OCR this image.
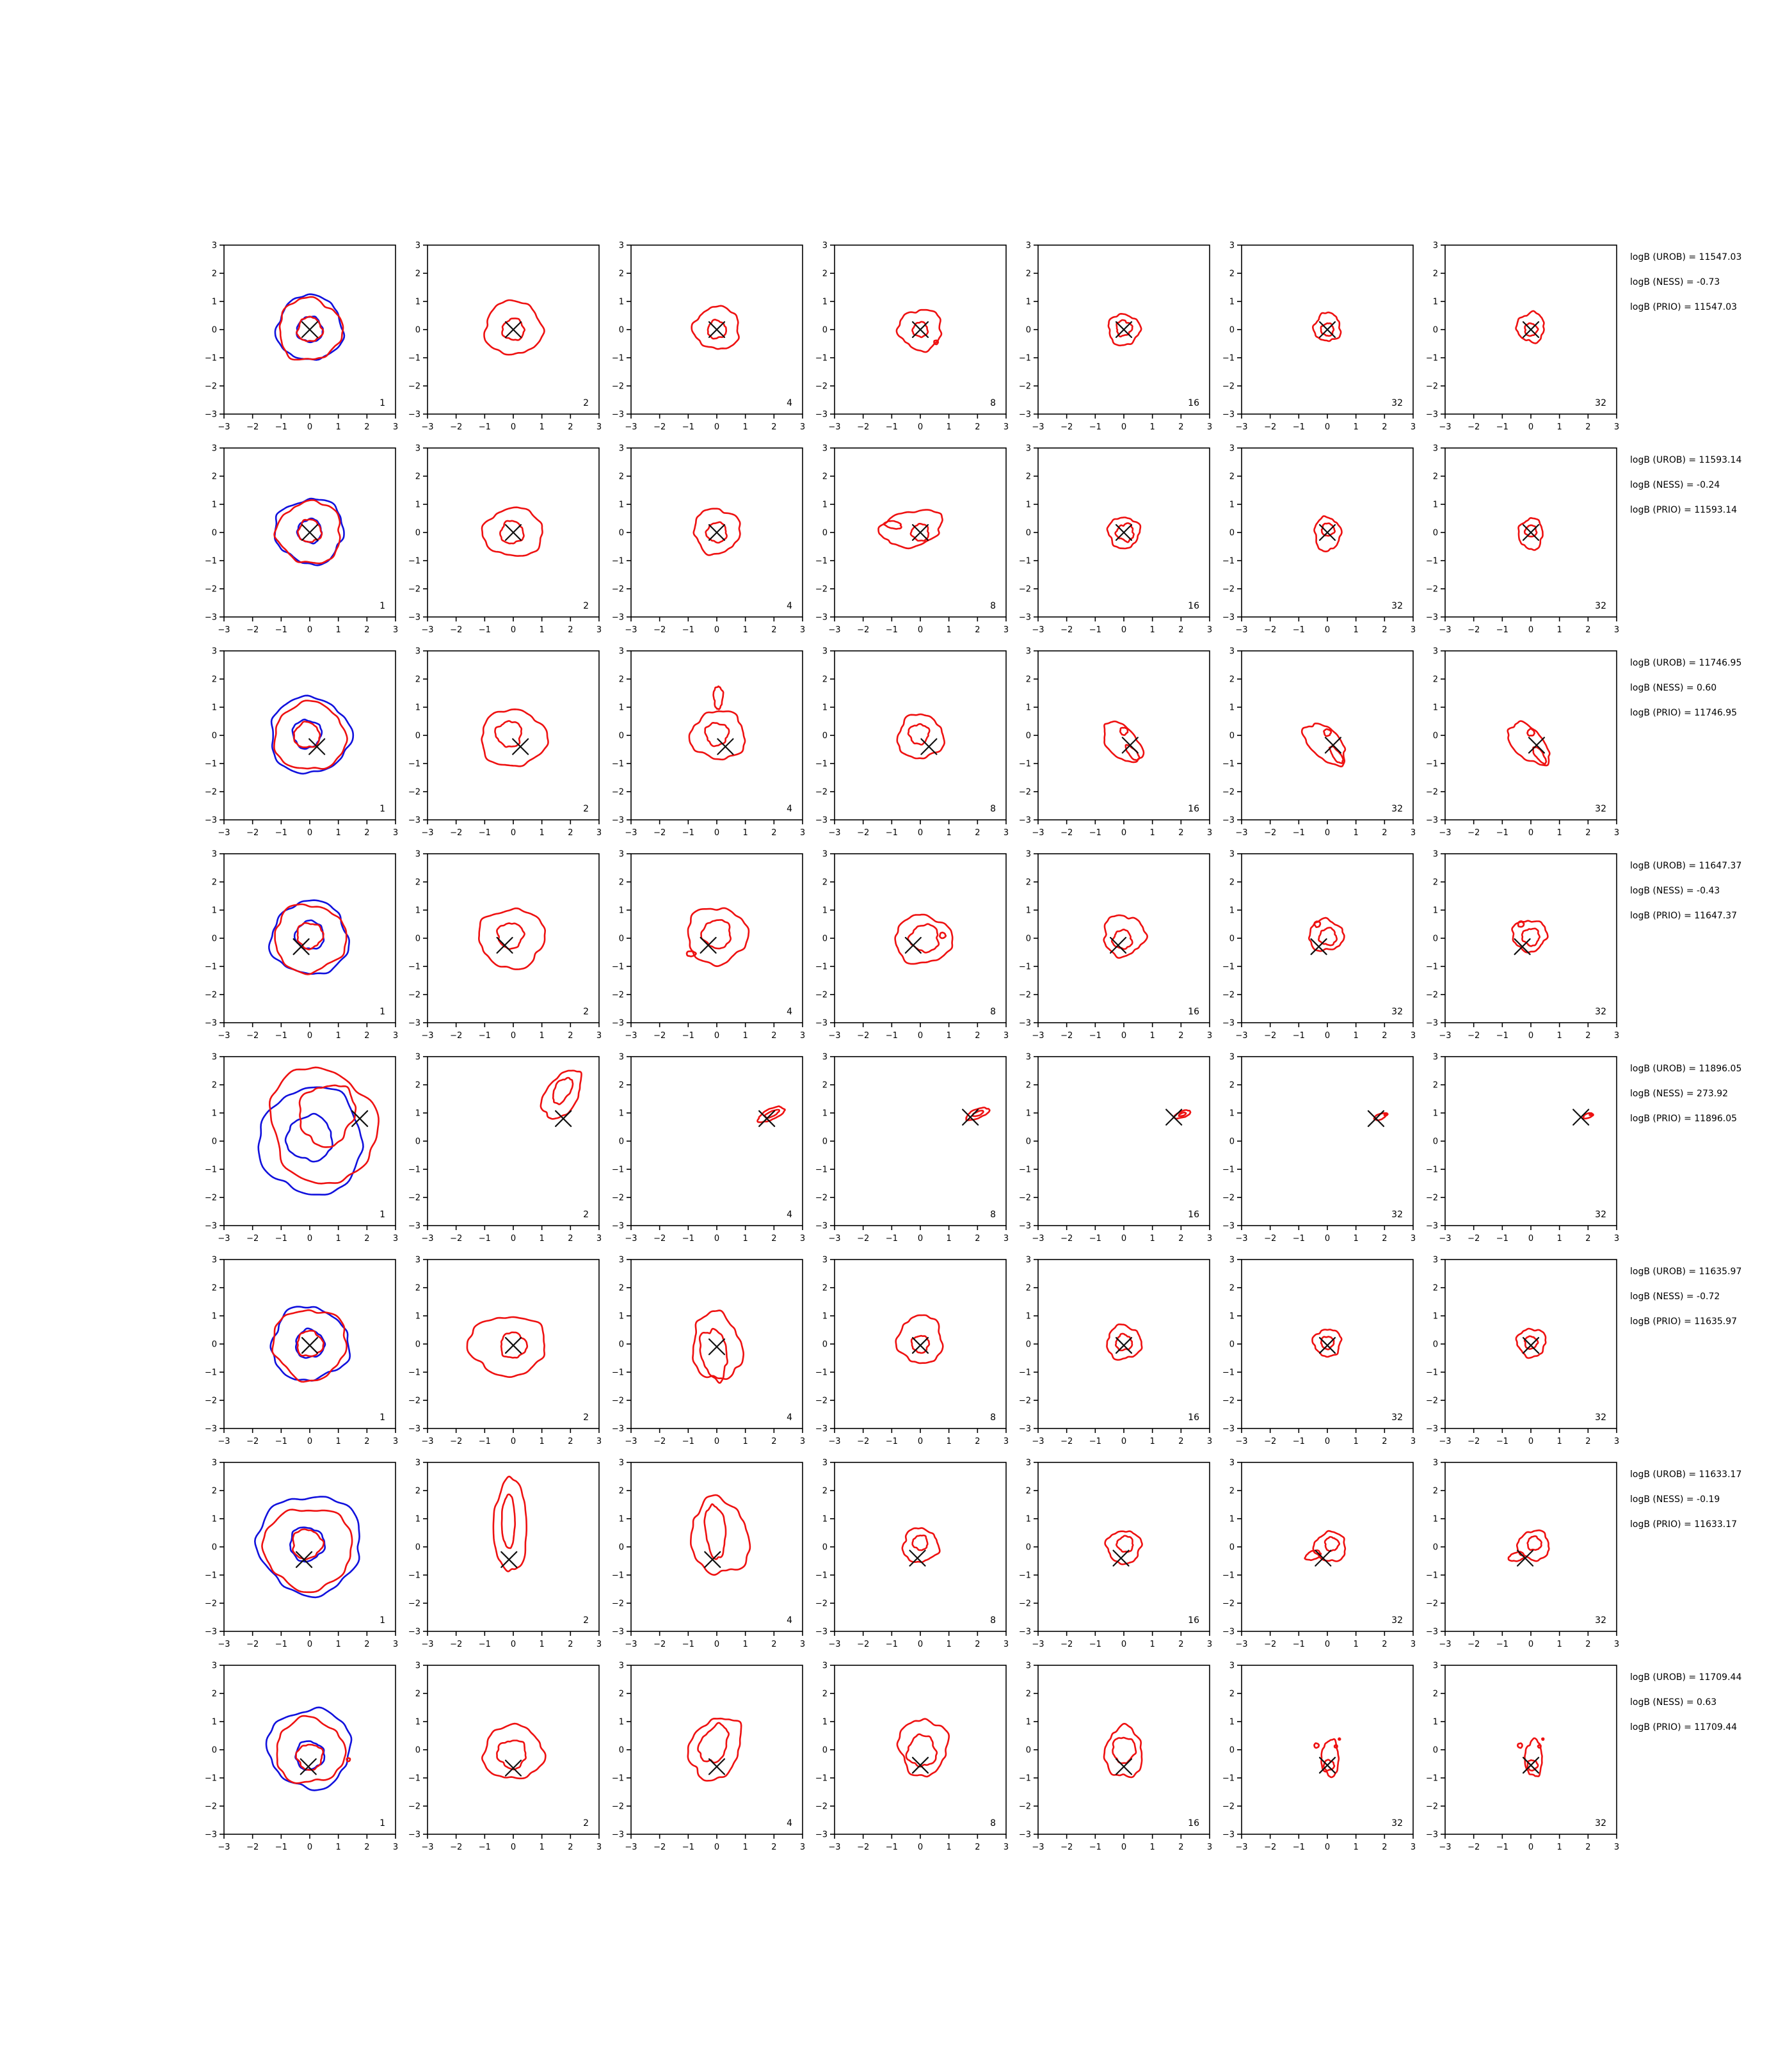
−3
−3
−2
−2
−1
−1
0
0
1
1
2
2
3
3
1
−3
−3
−2
−2
−1
−1
0
0
1
1
2
2
3
3
2
−3
−3
−2
−2
−1
−1
0
0
1
1
2
2
3
3
4
−3
−3
−2
−2
−1
−1
0
0
1
1
2
2
3
3
8
−3
−3
−2
−2
−1
−1
0
0
1
1
2
2
3
3
16
−3
−3
−2
−2
−1
−1
0
0
1
1
2
2
3
3
32
−3
−3
−2
−2
−1
−1
0
0
1
1
2
2
3
3
32
logB (UROB) = 11547.03
logB (NESS) = -0.73
logB (PRIO) = 11547.03
−3
−3
−2
−2
−1
−1
0
0
1
1
2
2
3
3
1
−3
−3
−2
−2
−1
−1
0
0
1
1
2
2
3
3
2
−3
−3
−2
−2
−1
−1
0
0
1
1
2
2
3
3
4
−3
−3
−2
−2
−1
−1
0
0
1
1
2
2
3
3
8
−3
−3
−2
−2
−1
−1
0
0
1
1
2
2
3
3
16
−3
−3
−2
−2
−1
−1
0
0
1
1
2
2
3
3
32
−3
−3
−2
−2
−1
−1
0
0
1
1
2
2
3
3
32
logB (UROB) = 11593.14
logB (NESS) = -0.24
logB (PRIO) = 11593.14
−3
−3
−2
−2
−1
−1
0
0
1
1
2
2
3
3
1
−3
−3
−2
−2
−1
−1
0
0
1
1
2
2
3
3
2
−3
−3
−2
−2
−1
−1
0
0
1
1
2
2
3
3
4
−3
−3
−2
−2
−1
−1
0
0
1
1
2
2
3
3
8
−3
−3
−2
−2
−1
−1
0
0
1
1
2
2
3
3
16
−3
−3
−2
−2
−1
−1
0
0
1
1
2
2
3
3
32
−3
−3
−2
−2
−1
−1
0
0
1
1
2
2
3
3
32
logB (UROB) = 11746.95
logB (NESS) = 0.60
logB (PRIO) = 11746.95
−3
−3
−2
−2
−1
−1
0
0
1
1
2
2
3
3
1
−3
−3
−2
−2
−1
−1
0
0
1
1
2
2
3
3
2
−3
−3
−2
−2
−1
−1
0
0
1
1
2
2
3
3
4
−3
−3
−2
−2
−1
−1
0
0
1
1
2
2
3
3
8
−3
−3
−2
−2
−1
−1
0
0
1
1
2
2
3
3
16
−3
−3
−2
−2
−1
−1
0
0
1
1
2
2
3
3
32
−3
−3
−2
−2
−1
−1
0
0
1
1
2
2
3
3
32
logB (UROB) = 11647.37
logB (NESS) = -0.43
logB (PRIO) = 11647.37
−3
−3
−2
−2
−1
−1
0
0
1
1
2
2
3
3
1
−3
−3
−2
−2
−1
−1
0
0
1
1
2
2
3
3
2
−3
−3
−2
−2
−1
−1
0
0
1
1
2
2
3
3
4
−3
−3
−2
−2
−1
−1
0
0
1
1
2
2
3
3
8
−3
−3
−2
−2
−1
−1
0
0
1
1
2
2
3
3
16
−3
−3
−2
−2
−1
−1
0
0
1
1
2
2
3
3
32
−3
−3
−2
−2
−1
−1
0
0
1
1
2
2
3
3
32
logB (UROB) = 11896.05
logB (NESS) = 273.92
logB (PRIO) = 11896.05
−3
−3
−2
−2
−1
−1
0
0
1
1
2
2
3
3
1
−3
−3
−2
−2
−1
−1
0
0
1
1
2
2
3
3
2
−3
−3
−2
−2
−1
−1
0
0
1
1
2
2
3
3
4
−3
−3
−2
−2
−1
−1
0
0
1
1
2
2
3
3
8
−3
−3
−2
−2
−1
−1
0
0
1
1
2
2
3
3
16
−3
−3
−2
−2
−1
−1
0
0
1
1
2
2
3
3
32
−3
−3
−2
−2
−1
−1
0
0
1
1
2
2
3
3
32
logB (UROB) = 11635.97
logB (NESS) = -0.72
logB (PRIO) = 11635.97
−3
−3
−2
−2
−1
−1
0
0
1
1
2
2
3
3
1
−3
−3
−2
−2
−1
−1
0
0
1
1
2
2
3
3
2
−3
−3
−2
−2
−1
−1
0
0
1
1
2
2
3
3
4
−3
−3
−2
−2
−1
−1
0
0
1
1
2
2
3
3
8
−3
−3
−2
−2
−1
−1
0
0
1
1
2
2
3
3
16
−3
−3
−2
−2
−1
−1
0
0
1
1
2
2
3
3
32
−3
−3
−2
−2
−1
−1
0
0
1
1
2
2
3
3
32
logB (UROB) = 11633.17
logB (NESS) = -0.19
logB (PRIO) = 11633.17
−3
−3
−2
−2
−1
−1
0
0
1
1
2
2
3
3
1
−3
−3
−2
−2
−1
−1
0
0
1
1
2
2
3
3
2
−3
−3
−2
−2
−1
−1
0
0
1
1
2
2
3
3
4
−3
−3
−2
−2
−1
−1
0
0
1
1
2
2
3
3
8
−3
−3
−2
−2
−1
−1
0
0
1
1
2
2
3
3
16
−3
−3
−2
−2
−1
−1
0
0
1
1
2
2
3
3
32
−3
−3
−2
−2
−1
−1
0
0
1
1
2
2
3
3
32
logB (UROB) = 11709.44
logB (NESS) = 0.63
logB (PRIO) = 11709.44
